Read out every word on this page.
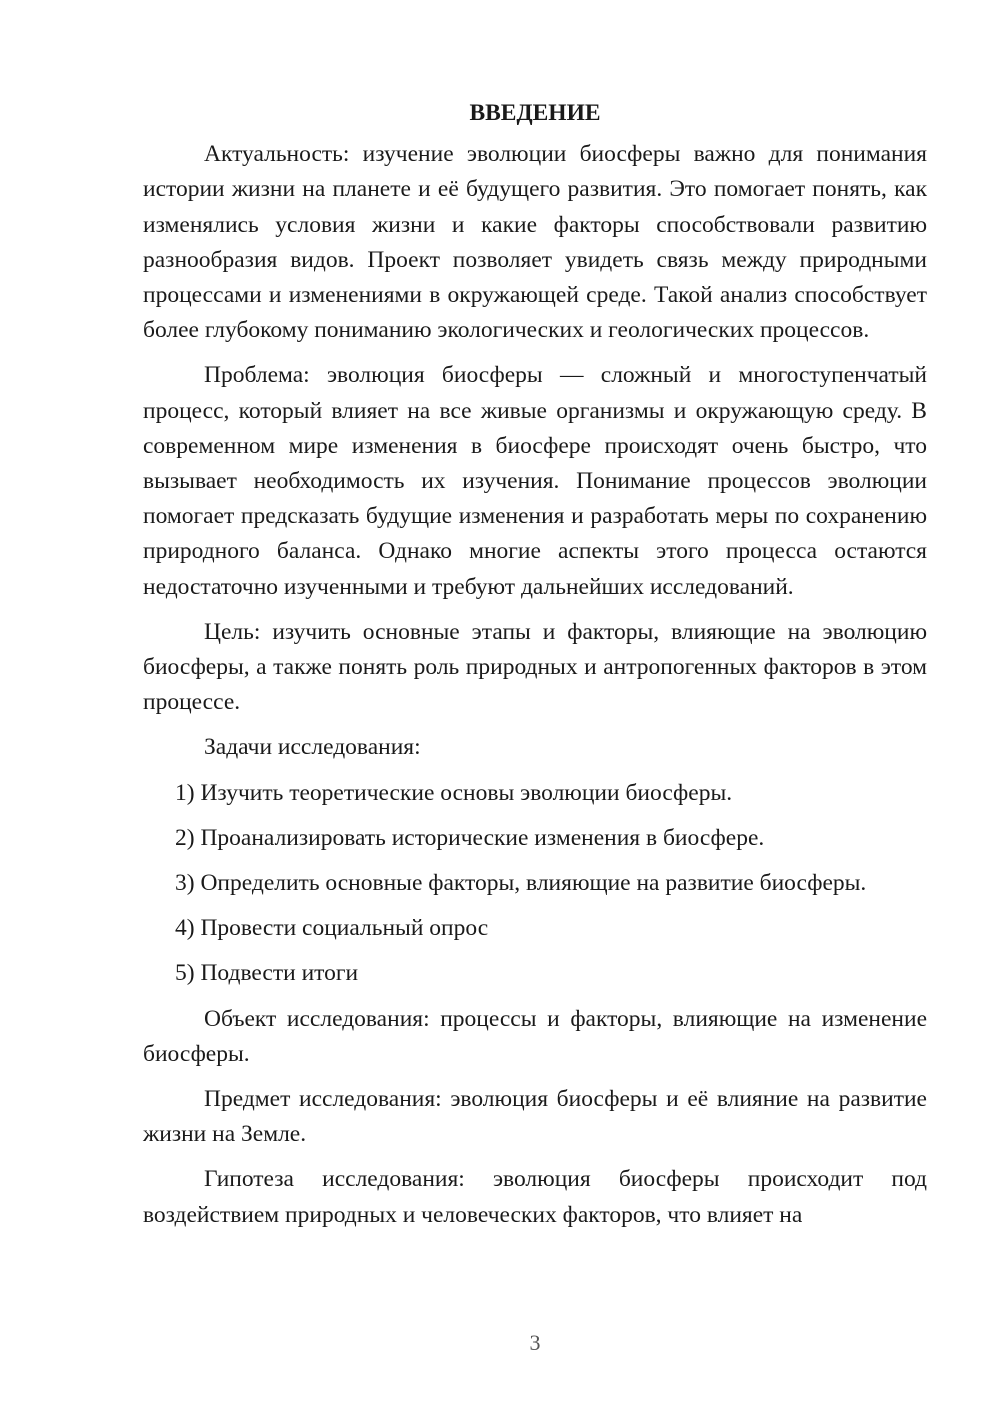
ВВЕДЕНИЕ

Актуальность: изучение эволюции биосферы важно для понимания истории жизни на планете и её будущего развития. Это помогает понять, как изменялись условия жизни и какие факторы способствовали развитию разнообразия видов. Проект позволяет увидеть связь между природными процессами и изменениями в окружающей среде. Такой анализ способствует более глубокому пониманию экологических и геологических процессов.

Проблема: эволюция биосферы — сложный и многоступенчатый процесс, который влияет на все живые организмы и окружающую среду. В современном мире изменения в биосфере происходят очень быстро, что вызывает необходимость их изучения. Понимание процессов эволюции помогает предсказать будущие изменения и разработать меры по сохранению природного баланса. Однако многие аспекты этого процесса остаются недостаточно изученными и требуют дальнейших исследований.

Цель: изучить основные этапы и факторы, влияющие на эволюцию биосферы, а также понять роль природных и антропогенных факторов в этом процессе.

Задачи исследования:

1) Изучить теоретические основы эволюции биосферы.

2) Проанализировать исторические изменения в биосфере.

3) Определить основные факторы, влияющие на развитие биосферы.

4) Провести социальный опрос

5) Подвести итоги

Объект исследования: процессы и факторы, влияющие на изменение биосферы.

Предмет исследования: эволюция биосферы и её влияние на развитие жизни на Земле.

Гипотеза исследования: эволюция биосферы происходит под воздействием природных и человеческих факторов, что влияет на

3
